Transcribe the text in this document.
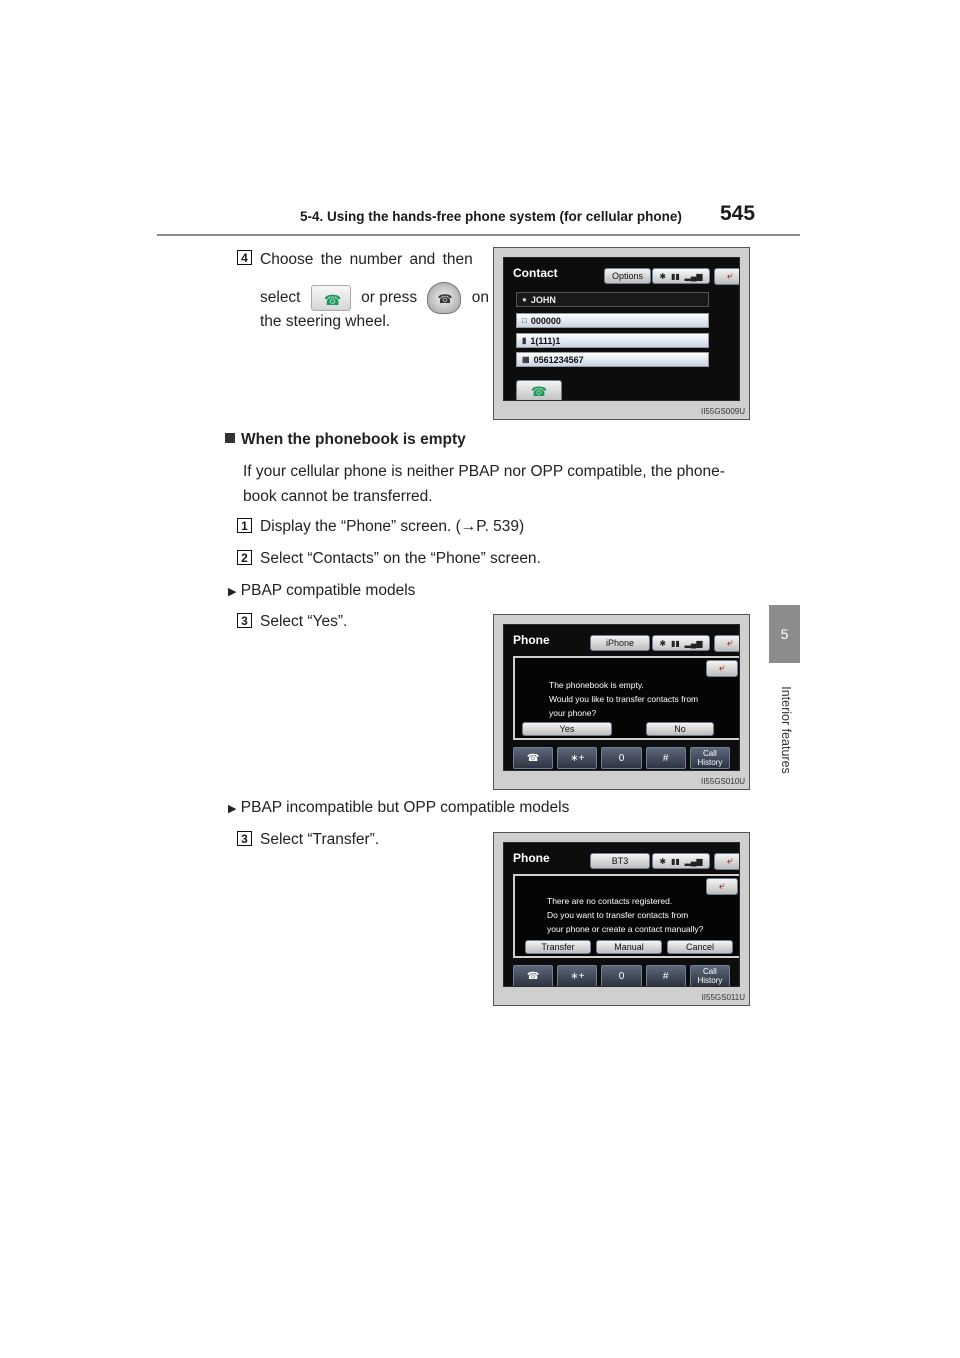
5-4. Using the hands-free phone system (for cellular phone) 545
5
Interior features
4 Choose the number and then
select ☎ or press ☎ on
the steering wheel.
Contact	Options	✱ ▮▮ ▂▄▆ ⤶
● JOHN
□ 000000
▮ 1(111)1
▦ 0561234567
☎
II55GS009U
When the phonebook is empty
If your cellular phone is neither PBAP nor OPP compatible, the phone-
book cannot be transferred.
1 Display the “Phone” screen. (→P. 539)
2 Select “Contacts” on the “Phone” screen.
▶ PBAP compatible models
3 Select “Yes”.
Phone	iPhone	✱ ▮▮ ▂▄▆ ⤶
⤶
The phonebook is empty.
Would you like to transfer contacts from
your phone?
Yes	No
☎	∗+	0	#	Call History
II55GS010U
▶ PBAP incompatible but OPP compatible models
3 Select “Transfer”.
Phone	BT3	✱ ▮▮ ▂▄▆ ⤶
⤶
There are no contacts registered.
Do you want to transfer contacts from
your phone or create a contact manually?
Transfer	Manual	Cancel
☎	∗+	0	#	Call History
II55GS011U
